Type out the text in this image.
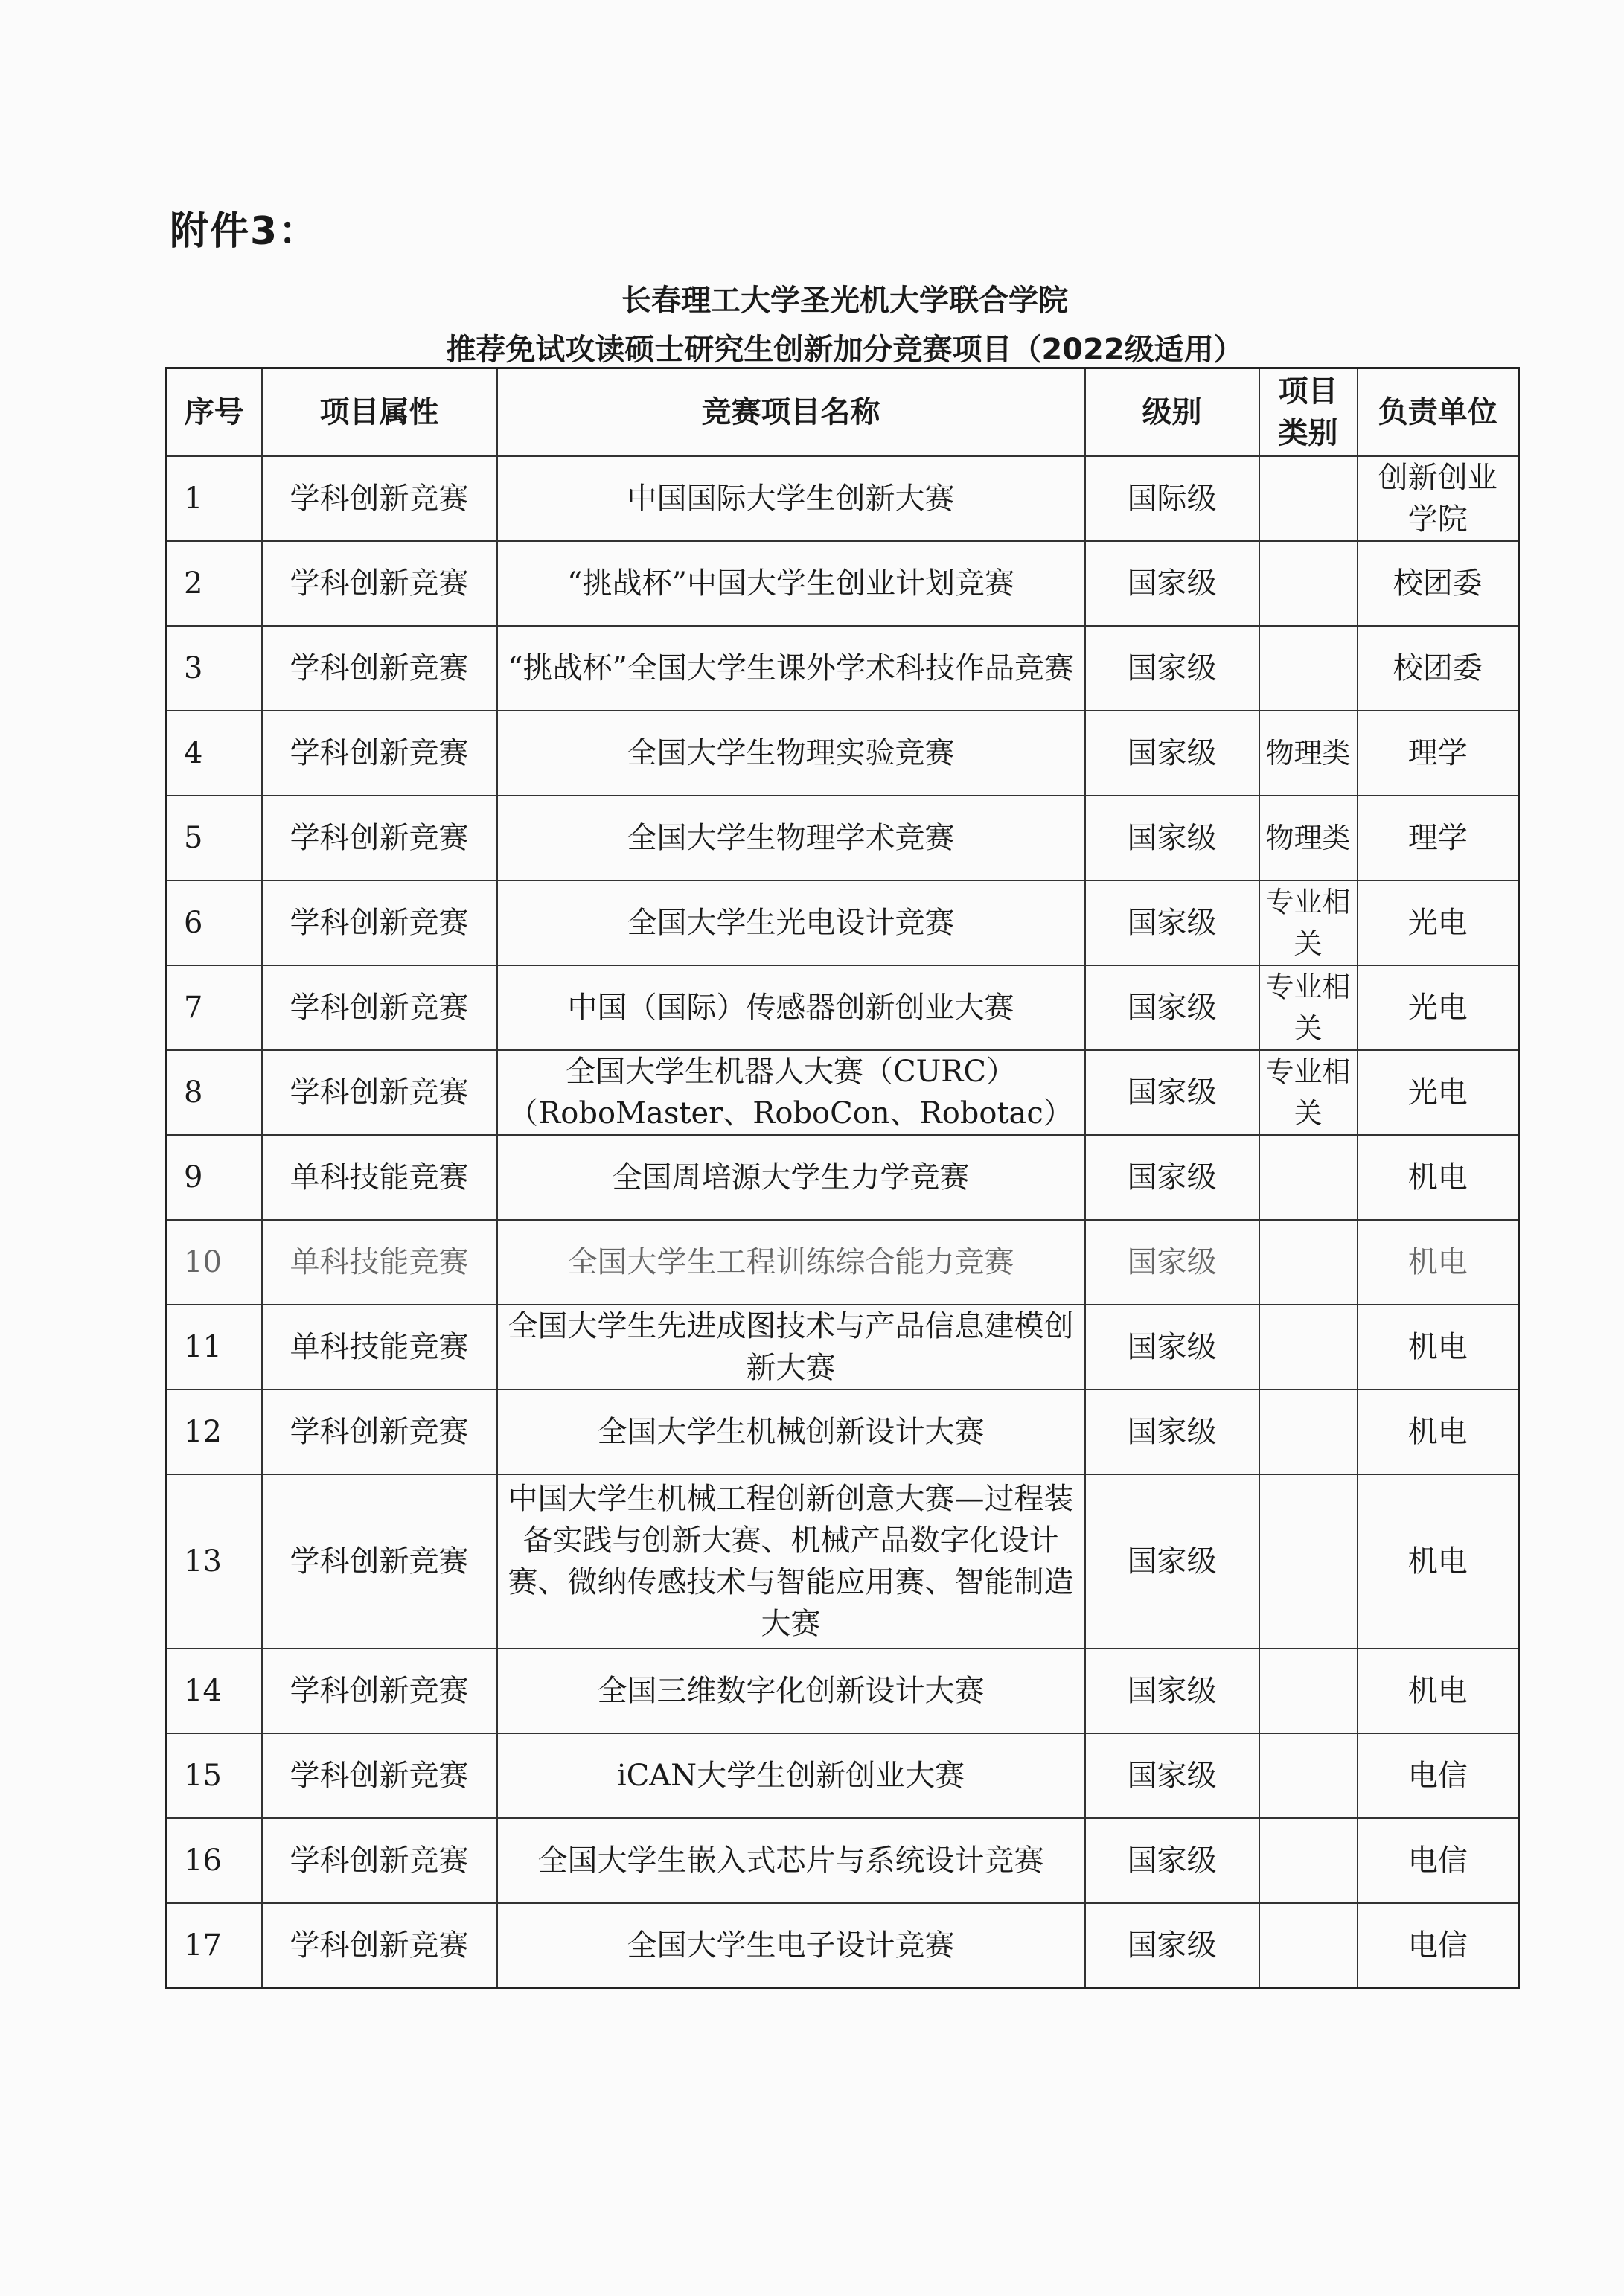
附件3：
长春理工大学圣光机大学联合学院
推荐免试攻读硕士研究生创新加分竞赛项目（2022级适用）
序号	项目属性	竞赛项目名称	级别	项目类别	负责单位
1	学科创新竞赛	中国国际大学生创新大赛	国际级		创新创业学院
2	学科创新竞赛	“挑战杯”中国大学生创业计划竞赛	国家级		校团委
3	学科创新竞赛	“挑战杯”全国大学生课外学术科技作品竞赛	国家级		校团委
4	学科创新竞赛	全国大学生物理实验竞赛	国家级	物理类	理学
5	学科创新竞赛	全国大学生物理学术竞赛	国家级	物理类	理学
6	学科创新竞赛	全国大学生光电设计竞赛	国家级	专业相关	光电
7	学科创新竞赛	中国（国际）传感器创新创业大赛	国家级	专业相关	光电
8	学科创新竞赛	全国大学生机器人大赛（CURC）（RoboMaster、RoboCon、Robotac）	国家级	专业相关	光电
9	单科技能竞赛	全国周培源大学生力学竞赛	国家级		机电
10	单科技能竞赛	全国大学生工程训练综合能力竞赛	国家级		机电
11	单科技能竞赛	全国大学生先进成图技术与产品信息建模创新大赛	国家级		机电
12	学科创新竞赛	全国大学生机械创新设计大赛	国家级		机电
13	学科创新竞赛	中国大学生机械工程创新创意大赛—过程装备实践与创新大赛、机械产品数字化设计赛、微纳传感技术与智能应用赛、智能制造大赛	国家级		机电
14	学科创新竞赛	全国三维数字化创新设计大赛	国家级		机电
15	学科创新竞赛	iCAN大学生创新创业大赛	国家级		电信
16	学科创新竞赛	全国大学生嵌入式芯片与系统设计竞赛	国家级		电信
17	学科创新竞赛	全国大学生电子设计竞赛	国家级		电信
